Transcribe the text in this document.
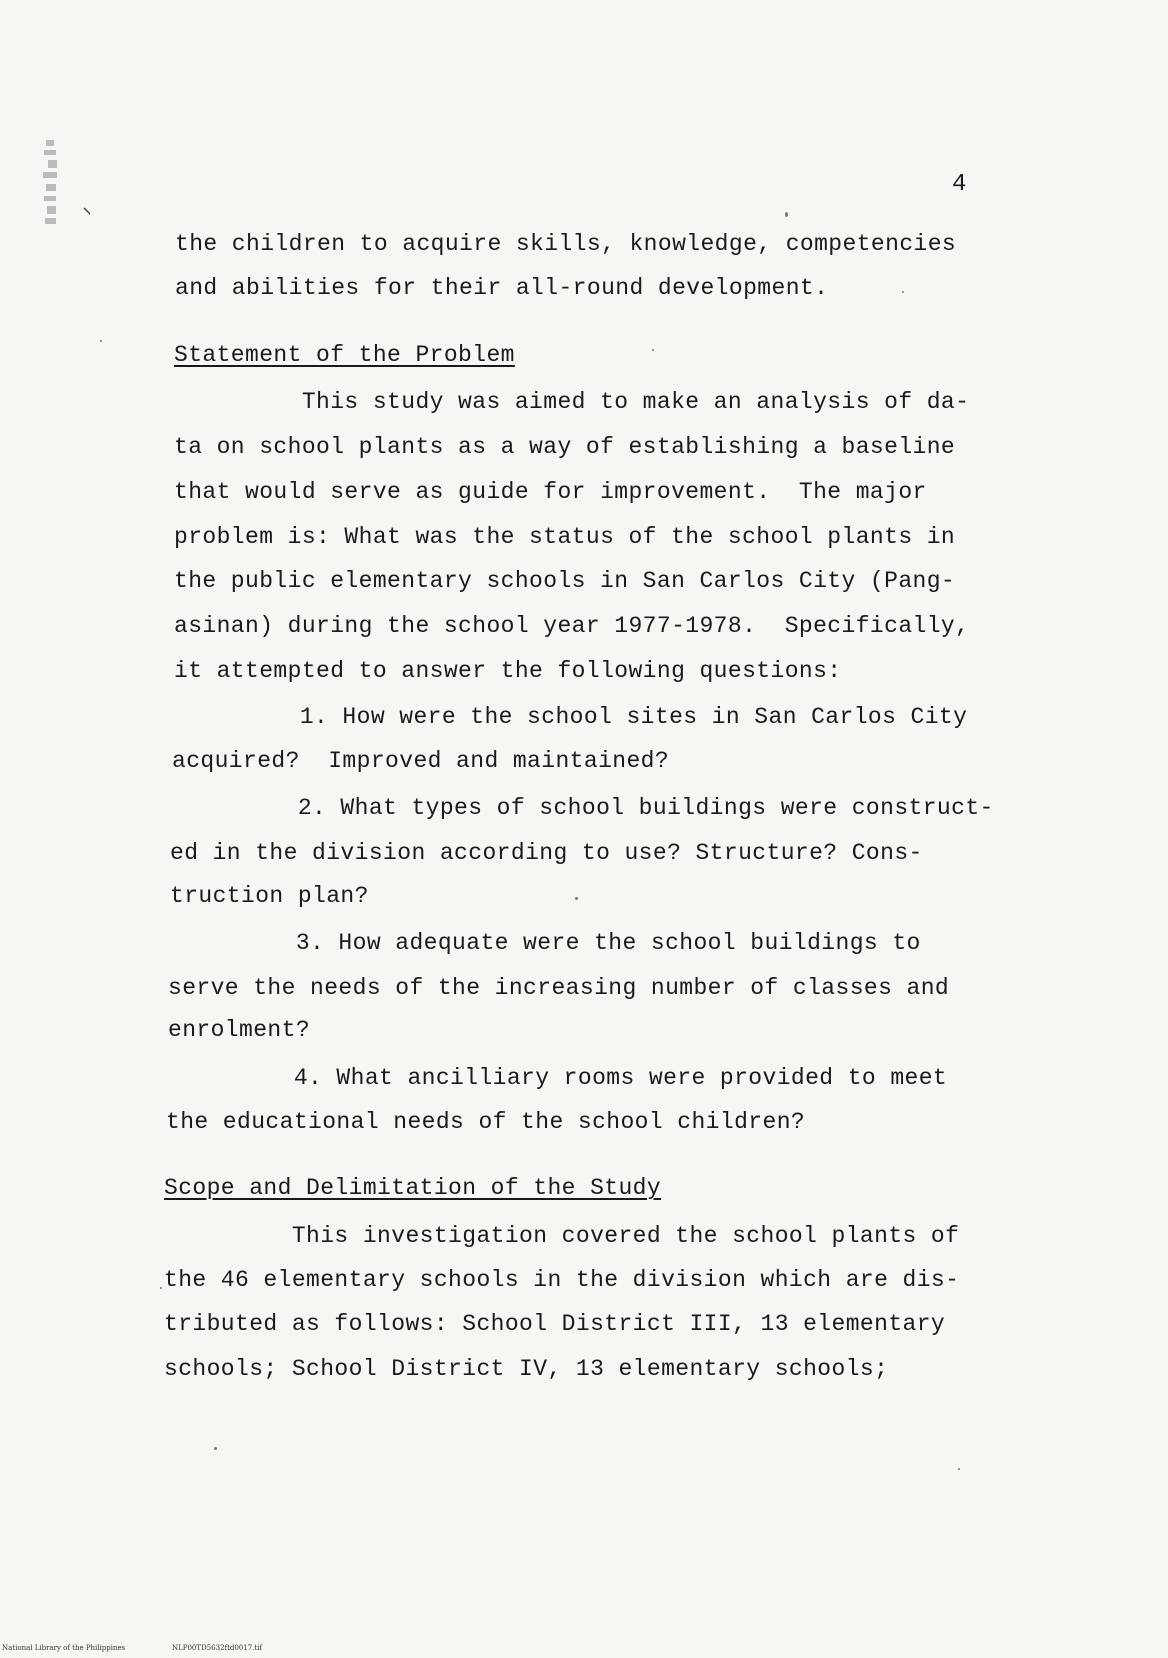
4
the children to acquire skills, knowledge, competencies
and abilities for their all-round development.
Statement of the Problem
This study was aimed to make an analysis of da-
ta on school plants as a way of establishing a baseline
that would serve as guide for improvement.  The major
problem is: What was the status of the school plants in
the public elementary schools in San Carlos City (Pang-
asinan) during the school year 1977-1978.  Specifically,
it attempted to answer the following questions:
1. How were the school sites in San Carlos City
acquired?  Improved and maintained?
2. What types of school buildings were construct-
ed in the division according to use? Structure? Cons-
truction plan?
3. How adequate were the school buildings to
serve the needs of the increasing number of classes and
enrolment?
4. What ancilliary rooms were provided to meet
the educational needs of the school children?
Scope and Delimitation of the Study
This investigation covered the school plants of
the 46 elementary schools in the division which are dis-
tributed as follows: School District III, 13 elementary
schools; School District IV, 13 elementary schools;
National Library of the Philippines	NLP00TD5632ftd0017.tif
